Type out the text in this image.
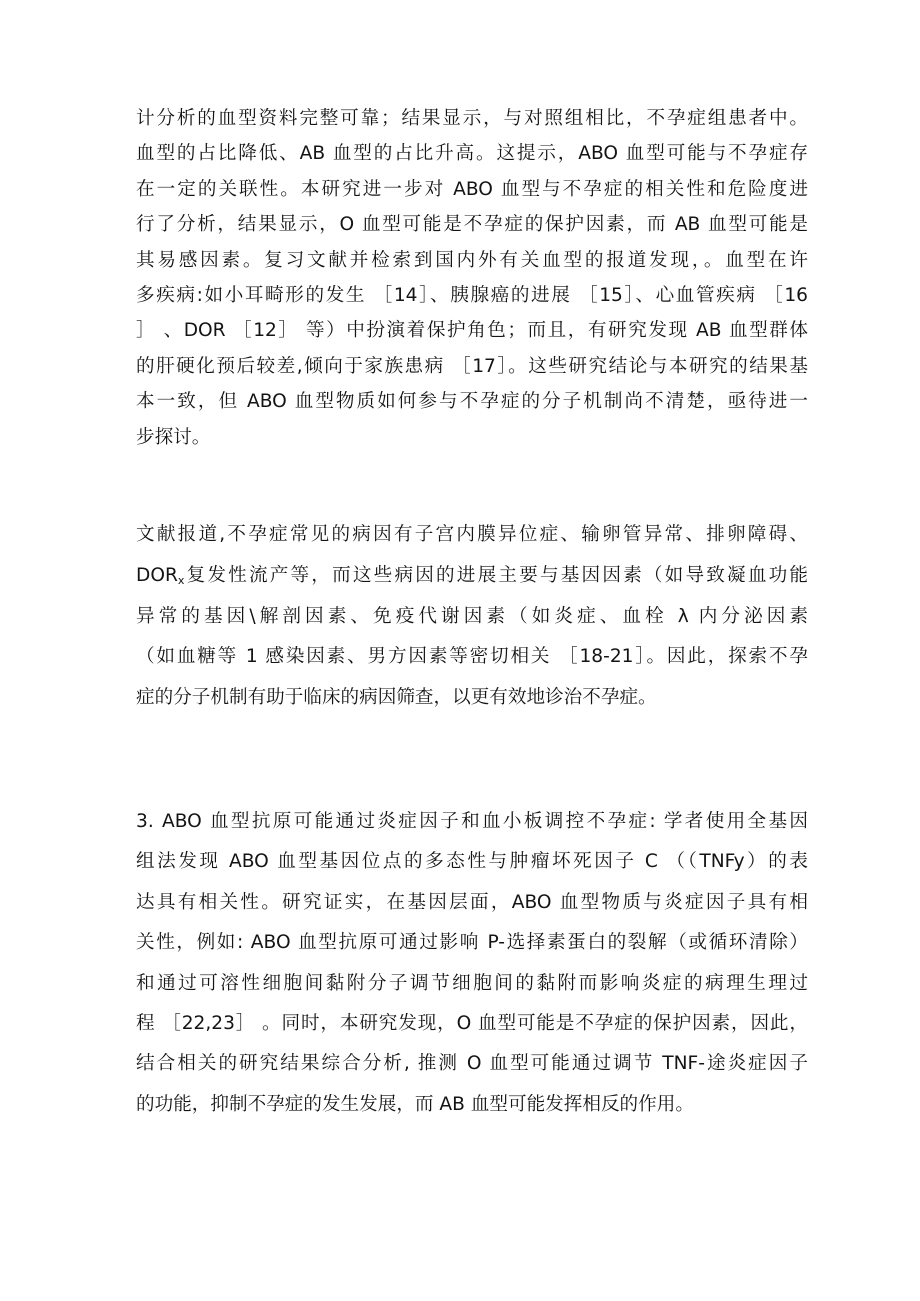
计分析的血型资料完整可靠；结果显示，与对照组相比，不孕症组患者中。
血型的占比降低、AB 血型的占比升高。这提示，ABO 血型可能与不孕症存
在一定的关联性。本研究进一步对 ABO 血型与不孕症的相关性和危险度进
行了分析，结果显示，O 血型可能是不孕症的保护因素，而 AB 血型可能是
其易感因素。复习文献并检索到国内外有关血型的报道发现，。血型在许
多疾病:如小耳畸形的发生 ［14］、胰腺癌的进展 ［15］、心血管疾病 ［16
］ 、DOR ［12］ 等）中扮演着保护角色；而且，有研究发现 AB 血型群体
的肝硬化预后较差,倾向于家族患病 ［17］。这些研究结论与本研究的结果基
本一致，但 ABO 血型物质如何参与不孕症的分子机制尚不清楚，亟待进一
步探讨。
文献报道,不孕症常见的病因有子宫内膜异位症、输卵管异常、排卵障碍、
$DOR_x$复发性流产等，而这些病因的进展主要与基因因素（如导致凝血功能
异常的基因\解剖因素、免疫代谢因素（如炎症、血栓 λ 内分泌因素
（如血糖等 1 感染因素、男方因素等密切相关 ［18-21］。因此，探索不孕
症的分子机制有助于临床的病因筛查，以更有效地诊治不孕症。
3. ABO 血型抗原可能通过炎症因子和血小板调控不孕症: 学者使用全基因
组法发现 ABO 血型基因位点的多态性与肿瘤坏死因子 C （（TNFy）的表
达具有相关性。研究证实，在基因层面，ABO 血型物质与炎症因子具有相
关性，例如: ABO 血型抗原可通过影响 P-选择素蛋白的裂解（或循环清除）
和通过可溶性细胞间黏附分子调节细胞间的黏附而影响炎症的病理生理过
程 ［22,23］ 。同时，本研究发现，O 血型可能是不孕症的保护因素，因此，
结合相关的研究结果综合分析, 推测 O 血型可能通过调节 TNF-途炎症因子
的功能，抑制不孕症的发生发展，而 AB 血型可能发挥相反的作用。
